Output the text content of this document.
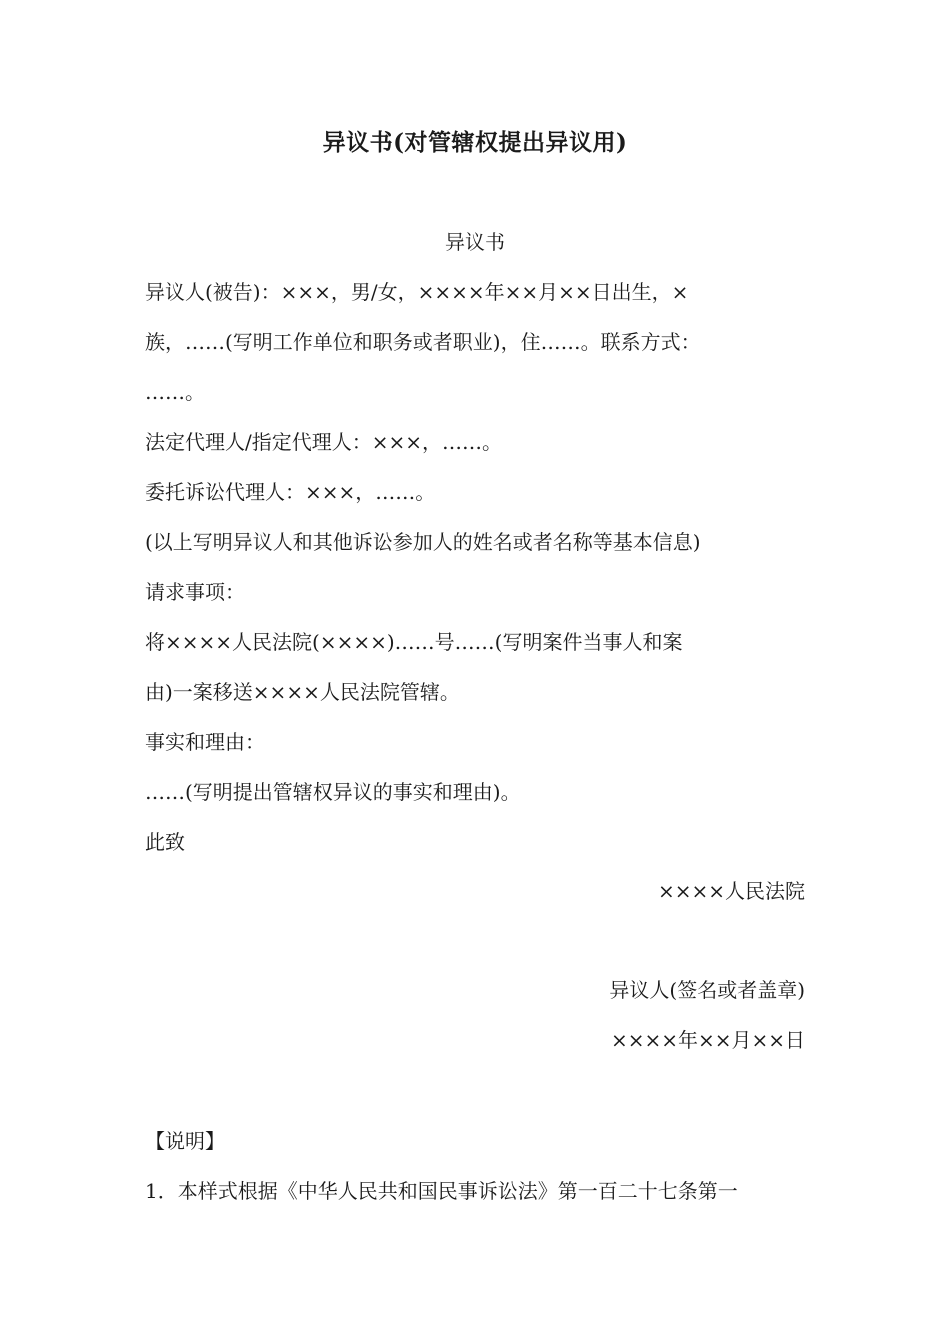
异议书(对管辖权提出异议用)
异议书
异议人(被告)：×××，男/女，××××年××月××日出生，×
族，……(写明工作单位和职务或者职业)，住……。联系方式：
……。
法定代理人/指定代理人：×××，……。
委托诉讼代理人：×××，……。
(以上写明异议人和其他诉讼参加人的姓名或者名称等基本信息)
请求事项：
将××××人民法院(××××)……号……(写明案件当事人和案
由)一案移送××××人民法院管辖。
事实和理由：
……(写明提出管辖权异议的事实和理由)。
此致
××××人民法院
异议人(签名或者盖章)
××××年××月××日
【说明】
1．本样式根据《中华人民共和国民事诉讼法》第一百二十七条第一
